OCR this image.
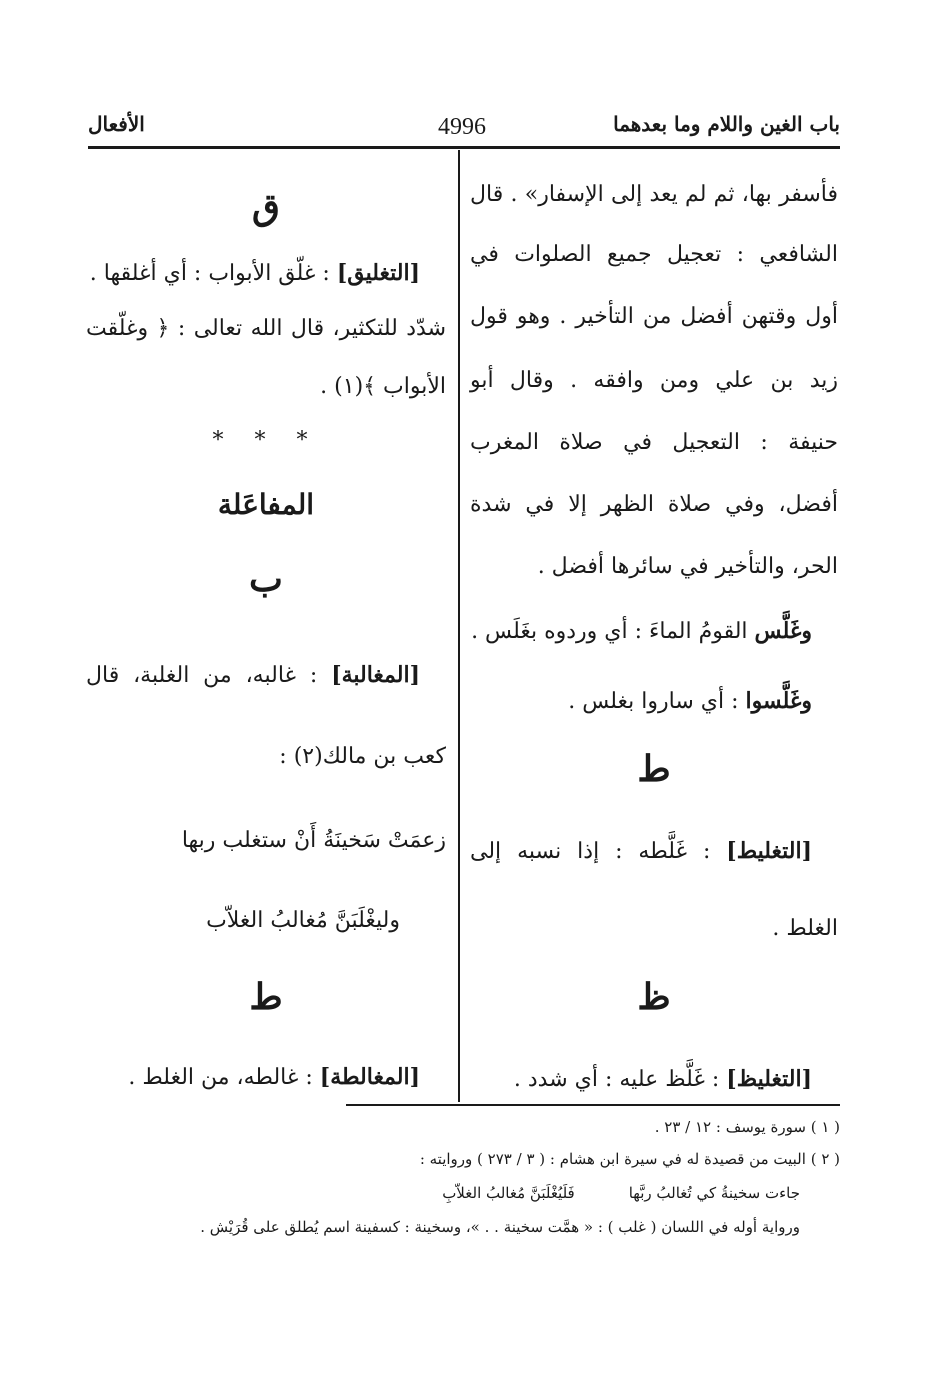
باب الغين واللام وما بعدهما
4996
الأفعال
فأسفر بها، ثم لم يعد إلى الإسفار» . قال
الشافعي : تعجيل جميع الصلوات في
أول وقتهن أفضل من التأخير . وهو قول
زيد بن علي ومن وافقه . وقال أبو
حنيفة : التعجيل في صلاة المغرب
أفضل، وفي صلاة الظهر إلا في شدة
الحر، والتأخير في سائرها أفضل .
وغَلَّس القومُ الماءَ : أي وردوه بغَلَس .
وغَلَّسوا : أي ساروا بغلس .
ط
[التغليط] : غَلَّطه : إذا نسبه إلى
الغلط .
ظ
[التغليظ] : غَلَّظ عليه : أي شدد .
ق
[التغليق] : غلّق الأبواب : أي أغلقها .
شدّد للتكثير، قال الله تعالى : ﴿ وغلّقت
الأبواب ﴾(١) .
* * *
المفاعَلة
ب
[المغالبة] : غالبه، من الغلبة، قال
كعب بن مالك(٢) :
زعمَتْ سَخينَةُ أَنْ ستغلب ربها
وليغْلَبَنَّ مُغالبُ الغلاّب
ط
[المغالطة] : غالطه، من الغلط .
( ١ ) سورة يوسف : ١٢ / ٢٣ .
( ٢ ) البيت من قصيدة له في سيرة ابن هشام : ( ٣ / ٢٧٣ ) وروايته :
جاءت سخينةُ كي تُغالبُ ربَّها
فَلَيُغْلَبَنَّ مُغالبُ الغلاّبِ
ورواية أوله في اللسان ( غلب ) : « همَّت سخينة . . »، وسخينة : كسفينة اسم يُطلق على قُرَيْش .
